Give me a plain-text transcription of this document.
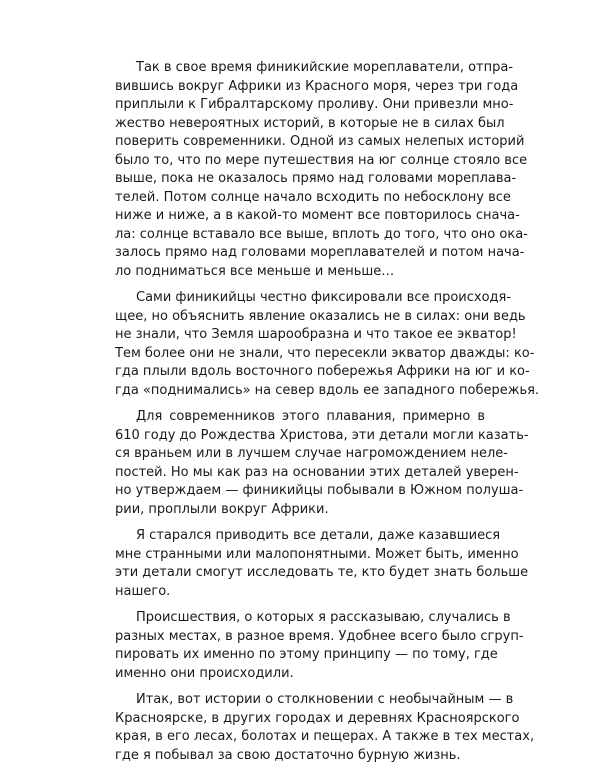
Так в свое время финикийские мореплаватели, отпра-
вившись вокруг Африки из Красного моря, через три года
приплыли к Гибралтарскому проливу. Они привезли мно-
жество невероятных историй, в которые не в силах был
поверить современники. Одной из самых нелепых историй
было то, что по мере путешествия на юг солнце стояло все
выше, пока не оказалось прямо над головами мореплава-
телей. Потом солнце начало всходить по небосклону все
ниже и ниже, а в какой-то момент все повторилось снача-
ла: солнце вставало все выше, вплоть до того, что оно ока-
залось прямо над головами мореплавателей и потом нача-
ло подниматься все меньше и меньше…
Сами финикийцы честно фиксировали все происходя-
щее, но объяснить явление оказались не в силах: они ведь
не знали, что Земля шарообразна и что такое ее экватор!
Тем более они не знали, что пересекли экватор дважды: ко-
гда плыли вдоль восточного побережья Африки на юг и ко-
гда «поднимались» на север вдоль ее западного побережья.
Для современников этого плавания, примерно в
610 году до Рождества Христова, эти детали могли казать-
ся враньем или в лучшем случае нагромождением неле-
постей. Но мы как раз на основании этих деталей уверен-
но утверждаем — финикийцы побывали в Южном полуша-
рии, проплыли вокруг Африки.
Я старался приводить все детали, даже казавшиеся
мне странными или малопонятными. Может быть, именно
эти детали смогут исследовать те, кто будет знать больше
нашего.
Происшествия, о которых я рассказываю, случались в
разных местах, в разное время. Удобнее всего было сгруп-
пировать их именно по этому принципу — по тому, где
именно они происходили.
Итак, вот истории о столкновении с необычайным — в
Красноярске, в других городах и деревнях Красноярского
края, в его лесах, болотах и пещерах. А также в тех местах,
где я побывал за свою достаточно бурную жизнь.
